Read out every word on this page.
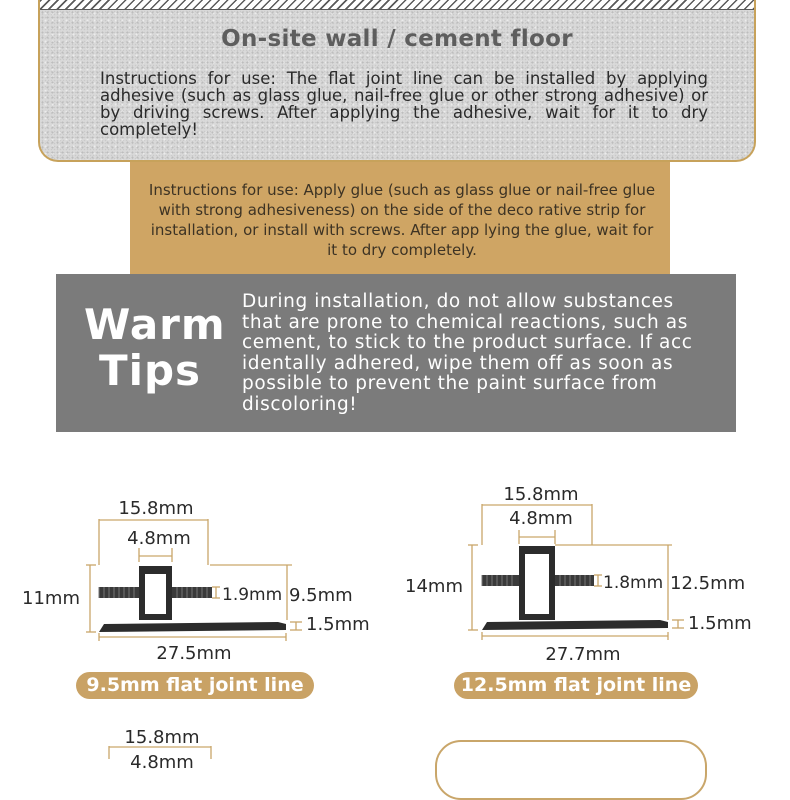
On-site wall / cement floor
Instructions for use: The flat joint line can be installed by applying adhesive (such as glass glue, nail-free glue or other strong adhesive) or by driving screws. After applying the adhesive, wait for it to dry completely!
Instructions for use: Apply glue (such as glass glue or nail-free glue with strong adhesiveness) on the side of the deco rative strip for installation, or install with screws. After app lying the glue, wait for it to dry completely.
Warm
Tips
During installation, do not allow substances that are prone to chemical reactions, such as cement, to stick to the product surface. If acc identally adhered, wipe them off as soon as possible to prevent the paint surface from discoloring!
15.8mm
4.8mm
11mm	9.5mm
1.9mm
1.5mm
27.5mm
15.8mm
4.8mm
14mm	12.5mm
1.8mm
1.5mm
27.7mm
15.8mm
4.8mm
9.5mm flat joint line	12.5mm flat joint line
